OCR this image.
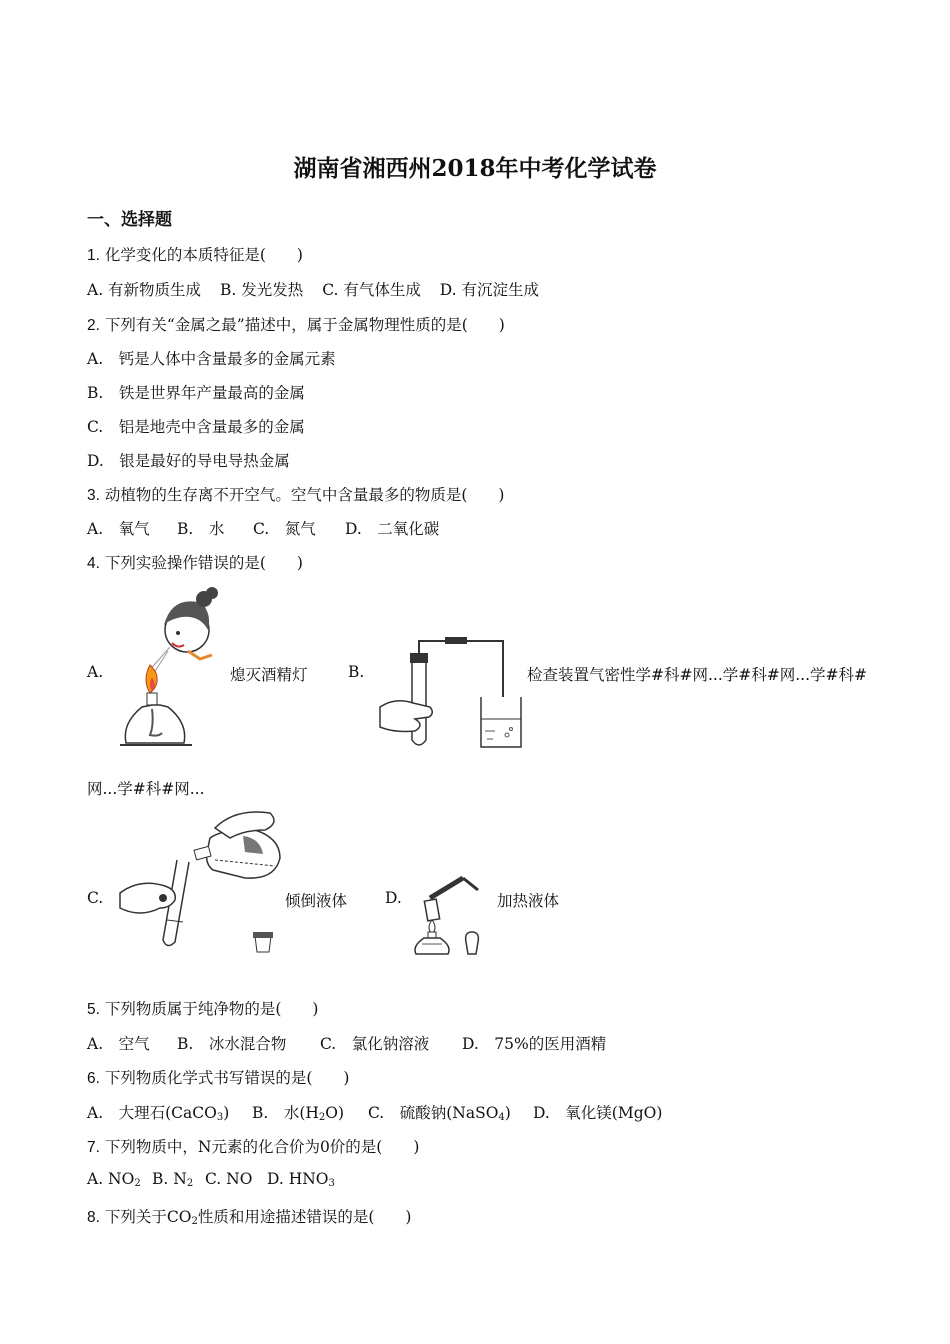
湖南省湘西州2018年中考化学试卷
一、选择题
1. 化学变化的本质特征是(　　)
A. 有新物质生成 B. 发光发热 C. 有气体生成 D. 有沉淀生成
2. 下列有关“金属之最”描述中，属于金属物理性质的是(　　)
A.　钙是人体中含量最多的金属元素
B.　铁是世界年产量最高的金属
C.　铝是地壳中含量最多的金属
D.　银是最好的导电导热金属
3. 动植物的生存离不开空气。空气中含量最多的物质是(　　)
A.　氧气 B.　水 C.　氮气 D.　二氧化碳
4. 下列实验操作错误的是(　　)
A.	熄灭酒精灯	B.	检查装置气密性学#科#网...学#科#网...学#科#
网...学#科#网...
C.	倾倒液体 D.	加热液体
5. 下列物质属于纯净物的是(　　)
A.　空气 B.　冰水混合物 C.　氯化钠溶液 D.　75%的医用酒精
6. 下列物质化学式书写错误的是(　　)
A.　大理石(CaCO$_3$) B.　水$(H_2O)$ C.　硫酸钠(NaSO$_4$) D.　氧化镁(MgO)
7. 下列物质中，N元素的化合价为0价的是(　　)
A. $NO_2$ B. $N_2$ C. NO D. $HNO_3$
8. 下列关于$CO_2$性质和用途描述错误的是(　　)
